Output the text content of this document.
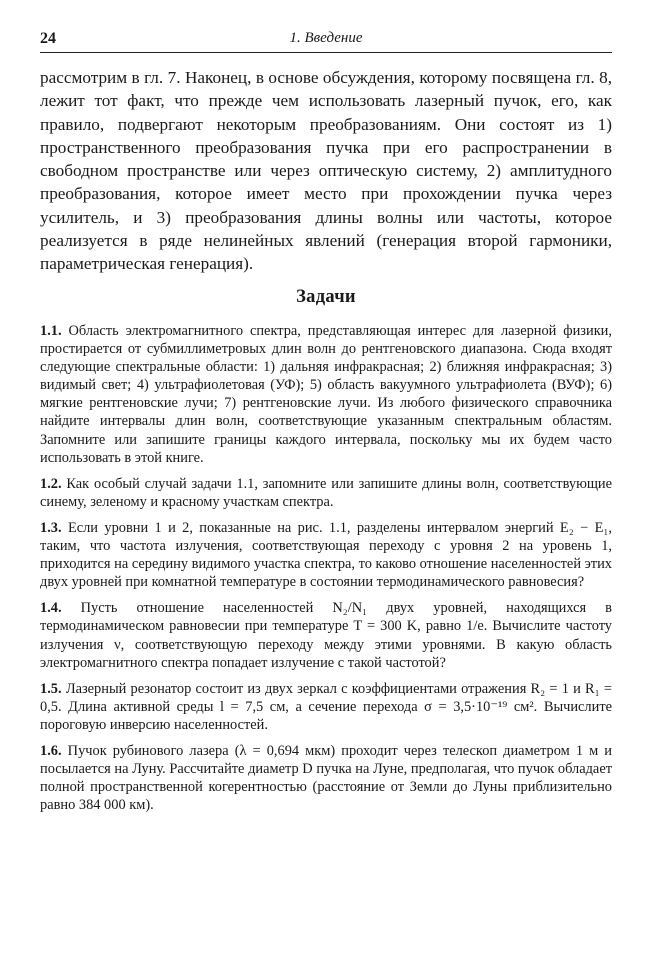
24	1. Введение

рассмотрим в гл. 7. Наконец, в основе обсуждения, которому посвящена гл. 8, лежит тот факт, что прежде чем использовать лазерный пучок, его, как правило, подвергают некоторым преобразованиям. Они состоят из 1) пространственного преобразования пучка при его распространении в свободном пространстве или через оптическую систему, 2) амплитудного преобразования, которое имеет место при прохождении пучка через усилитель, и 3) преобразования длины волны или частоты, которое реализуется в ряде нелинейных явлений (генерация второй гармоники, параметрическая генерация).

Задачи

1.1. Область электромагнитного спектра, представляющая интерес для лазерной физики, простирается от субмиллиметровых длин волн до рентгеновского диапазона. Сюда входят следующие спектральные области: 1) дальняя инфракрасная; 2) ближняя инфракрасная; 3) видимый свет; 4) ультрафиолетовая (УФ); 5) область вакуумного ультрафиолета (ВУФ); 6) мягкие рентгеновские лучи; 7) рентгеновские лучи. Из любого физического справочника найдите интервалы длин волн, соответствующие указанным спектральным областям. Запомните или запишите границы каждого интервала, поскольку мы их будем часто использовать в этой книге.

1.2. Как особый случай задачи 1.1, запомните или запишите длины волн, соответствующие синему, зеленому и красному участкам спектра.

1.3. Если уровни 1 и 2, показанные на рис. 1.1, разделены интервалом энергий E₂ − E₁, таким, что частота излучения, соответствующая переходу с уровня 2 на уровень 1, приходится на середину видимого участка спектра, то каково отношение населенностей этих двух уровней при комнатной температуре в состоянии термодинамического равновесия?

1.4. Пусть отношение населенностей N₂/N₁ двух уровней, находящихся в термодинамическом равновесии при температуре T = 300 K, равно 1/e. Вычислите частоту излучения ν, соответствующую переходу между этими уровнями. В какую область электромагнитного спектра попадает излучение с такой частотой?

1.5. Лазерный резонатор состоит из двух зеркал с коэффициентами отражения R₂ = 1 и R₁ = 0,5. Длина активной среды l = 7,5 см, а сечение перехода σ = 3,5·10⁻¹⁹ см². Вычислите пороговую инверсию населенностей.

1.6. Пучок рубинового лазера (λ = 0,694 мкм) проходит через телескоп диаметром 1 м и посылается на Луну. Рассчитайте диаметр D пучка на Луне, предполагая, что пучок обладает полной пространственной когерентностью (расстояние от Земли до Луны приблизительно равно 384 000 км).
